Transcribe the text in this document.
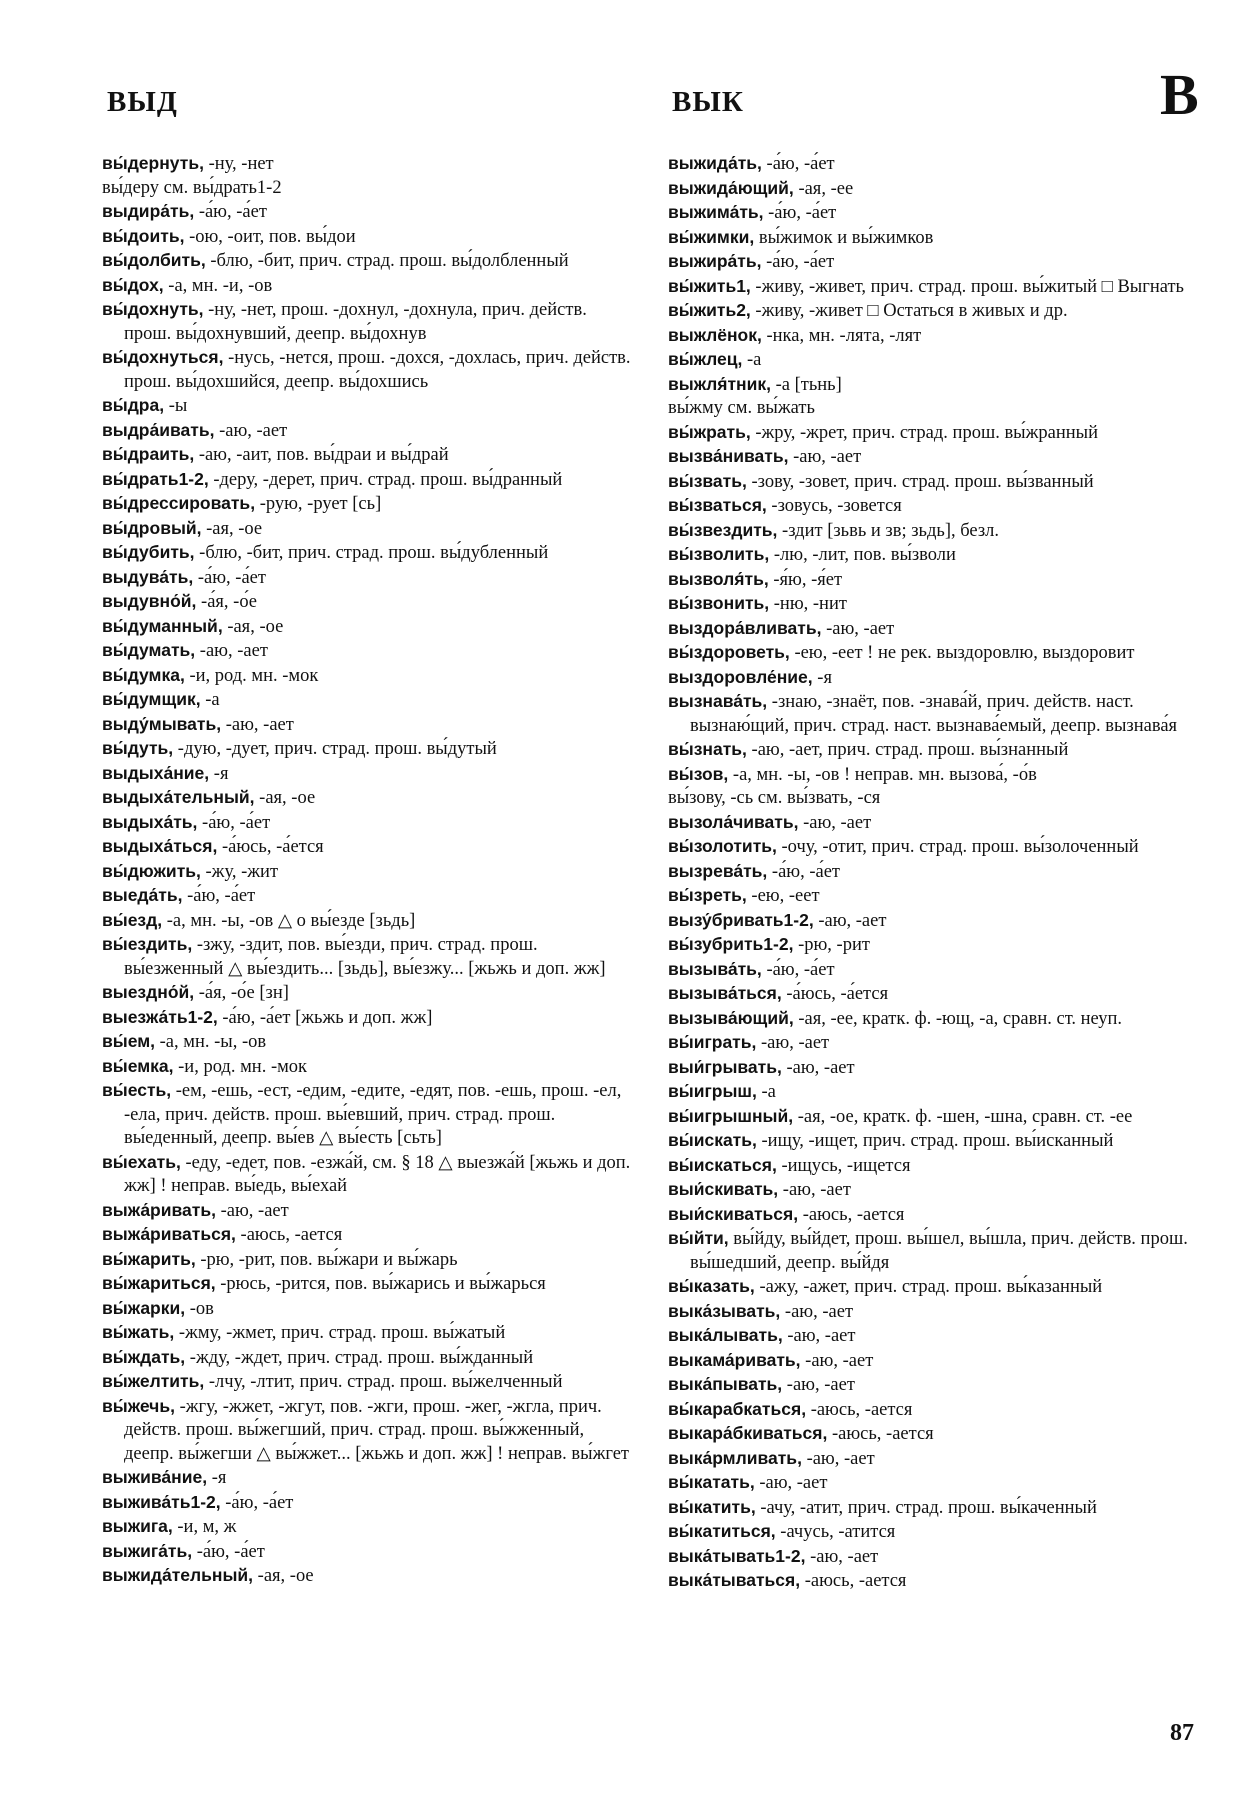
ВЫД	ВЫК	В

вы́дернуть, -ну, -нет

вы́деру см. вы́драть1-2

выдира́ть, -а́ю, -а́ет

вы́доить, -ою, -оит, пов. вы́дои

вы́долбить, -блю, -бит, прич. страд. прош. вы́долбленный

вы́дох, -а, мн. -и, -ов

вы́дохнуть, -ну, -нет, прош. -дохнул, -дохнула, прич. действ. прош. вы́дохнувший, деепр. вы́дохнув

вы́дохнуться, -нусь, -нется, прош. -дохся, -дохлась, прич. действ. прош. вы́дохшийся, деепр. вы́дохшись

вы́дра, -ы

выдра́ивать, -аю, -ает

вы́драить, -аю, -аит, пов. вы́драи и вы́драй

вы́драть1-2, -деру, -дерет, прич. страд. прош. вы́дранный

вы́дрессировать, -рую, -рует [сь]

вы́дровый, -ая, -ое

вы́дубить, -блю, -бит, прич. страд. прош. вы́дубленный

выдува́ть, -а́ю, -а́ет

выдувно́й, -а́я, -о́е

вы́думанный, -ая, -ое

вы́думать, -аю, -ает

вы́думка, -и, род. мн. -мок

вы́думщик, -а

выду́мывать, -аю, -ает

вы́дуть, -дую, -дует, прич. страд. прош. вы́дутый

выдыха́ние, -я

выдыха́тельный, -ая, -ое

выдыха́ть, -а́ю, -а́ет

выдыха́ться, -а́юсь, -а́ется

вы́дюжить, -жу, -жит

выеда́ть, -а́ю, -а́ет

вы́езд, -а, мн. -ы, -ов △ о вы́езде [зьдь]

вы́ездить, -зжу, -здит, пов. вы́езди, прич. страд. прош. вы́езженный △ вы́ездить... [зьдь], вы́езжу... [жьжь и доп. жж]

выездно́й, -а́я, -о́е [зн]

выезжа́ть1-2, -а́ю, -а́ет [жьжь и доп. жж]

вы́ем, -а, мн. -ы, -ов

вы́емка, -и, род. мн. -мок

вы́есть, -ем, -ешь, -ест, -едим, -едите, -едят, пов. -ешь, прош. -ел, -ела, прич. действ. прош. вы́евший, прич. страд. прош. вы́еденный, деепр. вы́ев △ вы́есть [сьть]

вы́ехать, -еду, -едет, пов. -езжа́й, см. § 18 △ выезжа́й [жьжь и доп. жж] ! неправ. вы́едь, вы́ехай

выжа́ривать, -аю, -ает

выжа́риваться, -аюсь, -ается

вы́жарить, -рю, -рит, пов. вы́жари и вы́жарь

вы́жариться, -рюсь, -рится, пов. вы́жарись и вы́жарься

вы́жарки, -ов

вы́жать, -жму, -жмет, прич. страд. прош. вы́жатый

вы́ждать, -жду, -ждет, прич. страд. прош. вы́жданный

вы́желтить, -лчу, -лтит, прич. страд. прош. вы́желченный

вы́жечь, -жгу, -жжет, -жгут, пов. -жги, прош. -жег, -жгла, прич. действ. прош. вы́жегший, прич. страд. прош. вы́жженный, деепр. вы́жегши △ вы́жжет... [жьжь и доп. жж] ! неправ. вы́жгет

выжива́ние, -я

выжива́ть1-2, -а́ю, -а́ет

выжига, -и, м, ж

выжига́ть, -а́ю, -а́ет

выжида́тельный, -ая, -ое

выжида́ть, -а́ю, -а́ет

выжида́ющий, -ая, -ее

выжима́ть, -а́ю, -а́ет

вы́жимки, вы́жимок и вы́жимков

выжира́ть, -а́ю, -а́ет

вы́жить1, -живу, -живет, прич. страд. прош. вы́житый □ Выгнать

вы́жить2, -живу, -живет □ Остаться в живых и др.

выжлёнок, -нка, мн. -лята, -лят

вы́жлец, -а

выжля́тник, -а [тьнь]

вы́жму см. вы́жать

вы́жрать, -жру, -жрет, прич. страд. прош. вы́жранный

вызва́нивать, -аю, -ает

вы́звать, -зову, -зовет, прич. страд. прош. вы́званный

вы́зваться, -зовусь, -зовется

вы́звездить, -здит [зьвь и зв; зьдь], безл.

вы́зволить, -лю, -лит, пов. вы́зволи

вызволя́ть, -я́ю, -я́ет

вы́звонить, -ню, -нит

выздора́вливать, -аю, -ает

вы́здороветь, -ею, -еет ! не рек. выздоровлю, выздоровит

выздоровле́ние, -я

вызнава́ть, -знаю, -знаёт, пов. -знава́й, прич. действ. наст. вызнаю́щий, прич. страд. наст. вызнава́емый, деепр. вызнава́я

вы́знать, -аю, -ает, прич. страд. прош. вы́знанный

вы́зов, -а, мн. -ы, -ов ! неправ. мн. вызова́, -о́в

вы́зову, -сь см. вы́звать, -ся

вызола́чивать, -аю, -ает

вы́золотить, -очу, -отит, прич. страд. прош. вы́золоченный

вызрева́ть, -а́ю, -а́ет

вы́зреть, -ею, -еет

вызу́бривать1-2, -аю, -ает

вы́зубрить1-2, -рю, -рит

вызыва́ть, -а́ю, -а́ет

вызыва́ться, -а́юсь, -а́ется

вызыва́ющий, -ая, -ее, кратк. ф. -ющ, -а, сравн. ст. неуп.

вы́играть, -аю, -ает

выи́грывать, -аю, -ает

вы́игрыш, -а

вы́игрышный, -ая, -ое, кратк. ф. -шен, -шна, сравн. ст. -ее

вы́искать, -ищу, -ищет, прич. страд. прош. вы́исканный

вы́искаться, -ищусь, -ищется

выи́скивать, -аю, -ает

выи́скиваться, -аюсь, -ается

вы́йти, вы́йду, вы́йдет, прош. вы́шел, вы́шла, прич. действ. прош. вы́шедший, деепр. вы́йдя

вы́казать, -ажу, -ажет, прич. страд. прош. вы́казанный

выка́зывать, -аю, -ает

выка́лывать, -аю, -ает

выкама́ривать, -аю, -ает

выка́пывать, -аю, -ает

вы́карабкаться, -аюсь, -ается

выкара́бкиваться, -аюсь, -ается

выка́рмливать, -аю, -ает

вы́катать, -аю, -ает

вы́катить, -ачу, -атит, прич. страд. прош. вы́каченный

вы́катиться, -ачусь, -атится

выка́тывать1-2, -аю, -ает

выка́тываться, -аюсь, -ается

87
